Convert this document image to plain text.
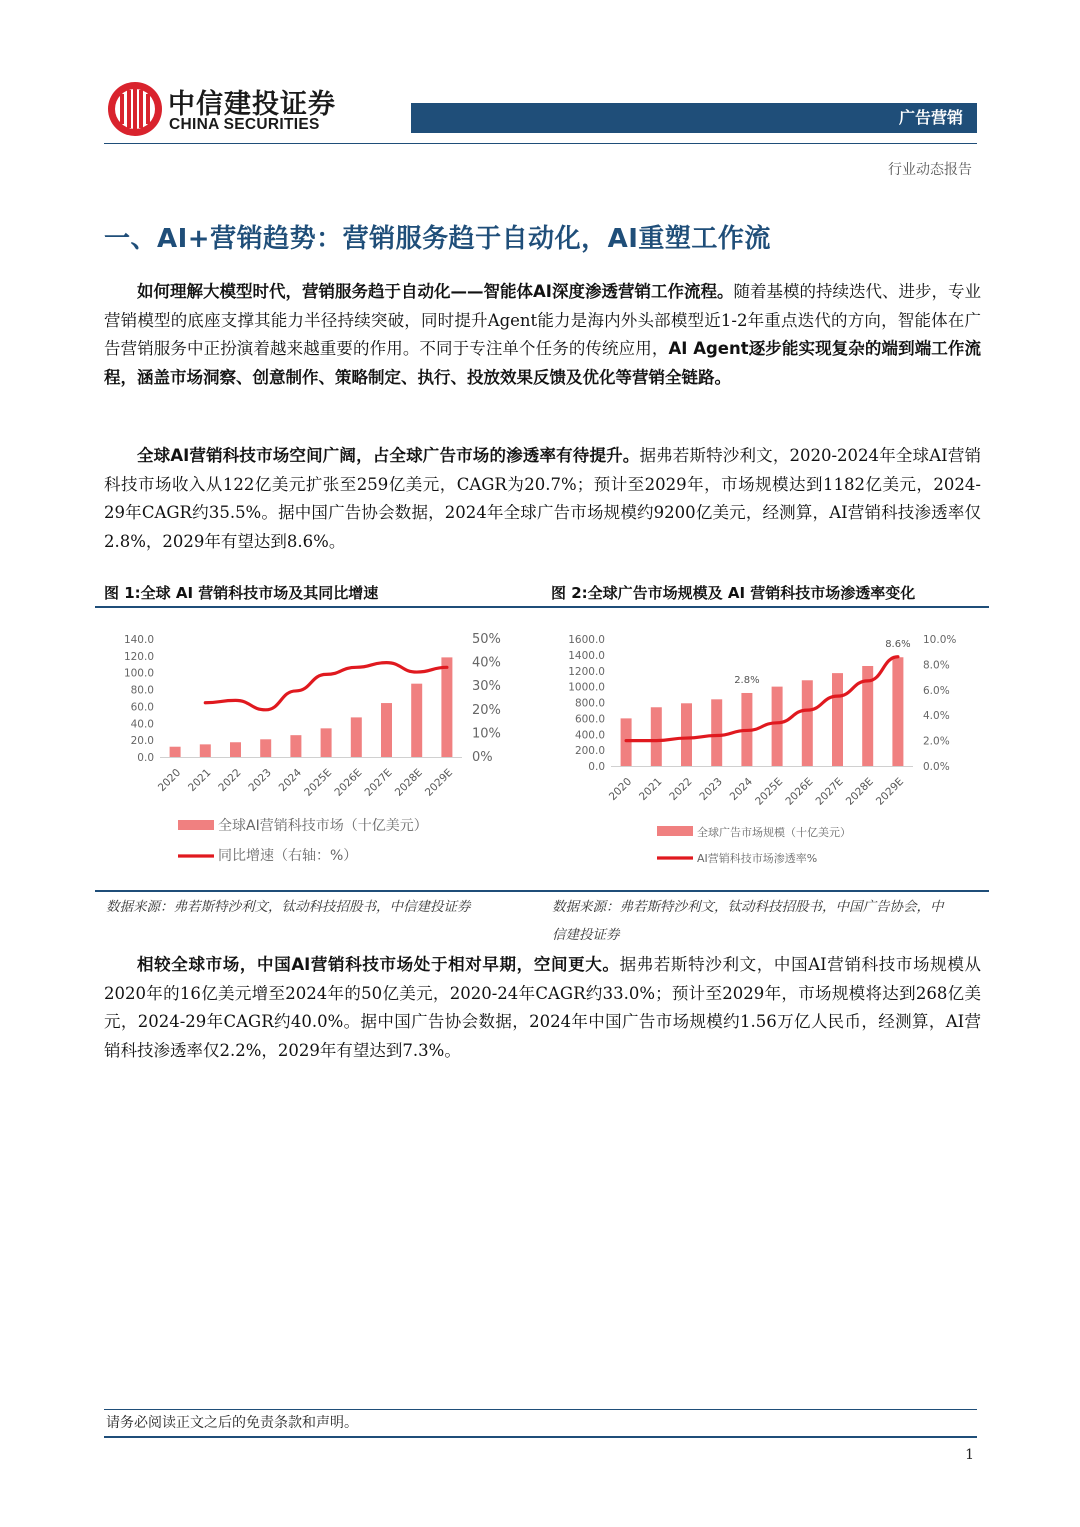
中信建投证券
CHINA SECURITIES	广告营销
行业动态报告
一、AI+营销趋势：营销服务趋于自动化，AI重塑工作流
如何理解大模型时代，营销服务趋于自动化——智能体AI深度渗透营销工作流程。随着基模的持续迭代、进步，专业营销模型的底座支撑其能力半径持续突破，同时提升Agent能力是海内外头部模型近1-2年重点迭代的方向，智能体在广告营销服务中正扮演着越来越重要的作用。不同于专注单个任务的传统应用，AI Agent逐步能实现复杂的端到端工作流程，涵盖市场洞察、创意制作、策略制定、执行、投放效果反馈及优化等营销全链路。
全球AI营销科技市场空间广阔，占全球广告市场的渗透率有待提升。据弗若斯特沙利文，2020-2024年全球AI营销科技市场收入从122亿美元扩张至259亿美元，CAGR为20.7%；预计至2029年，市场规模达到1182亿美元，2024-29年CAGR约35.5%。据中国广告协会数据，2024年全球广告市场规模约9200亿美元，经测算，AI营销科技渗透率仅2.8%，2029年有望达到8.6%。
图 1:全球 AI 营销科技市场及其同比增速	图 2:全球广告市场规模及 AI 营销科技市场渗透率变化
0.0
20.0
40.0
60.0
80.0
100.0
120.0
140.0
0%
10%
20%
30%
40%
50%
2020 2021 2022 2023 2024
2025E
2026E
2027E
2028E
2029E
全球AI营销科技市场（十亿美元）
同比增速（右轴：%）
0.0
200.0
400.0
600.0
800.0
1000.0
1200.0
1400.0
1600.0
0.0%
2.0%
4.0%
6.0%
8.0%
10.0%
2020 2021 2022 2023 2024
2025E
2026E
2027E
2028E
2029E
2.8%
8.6%
全球广告市场规模（十亿美元）
AI营销科技市场渗透率%
数据来源：弗若斯特沙利文，钛动科技招股书，中信建投证券	数据来源：弗若斯特沙利文，钛动科技招股书，中国广告协会，中
信建投证券
相较全球市场，中国AI营销科技市场处于相对早期，空间更大。据弗若斯特沙利文，中国AI营销科技市场规模从2020年的16亿美元增至2024年的50亿美元，2020-24年CAGR约33.0%；预计至2029年，市场规模将达到268亿美元，2024-29年CAGR约40.0%。据中国广告协会数据，2024年中国广告市场规模约1.56万亿人民币，经测算，AI营销科技渗透率仅2.2%，2029年有望达到7.3%。
请务必阅读正文之后的免责条款和声明。
1
